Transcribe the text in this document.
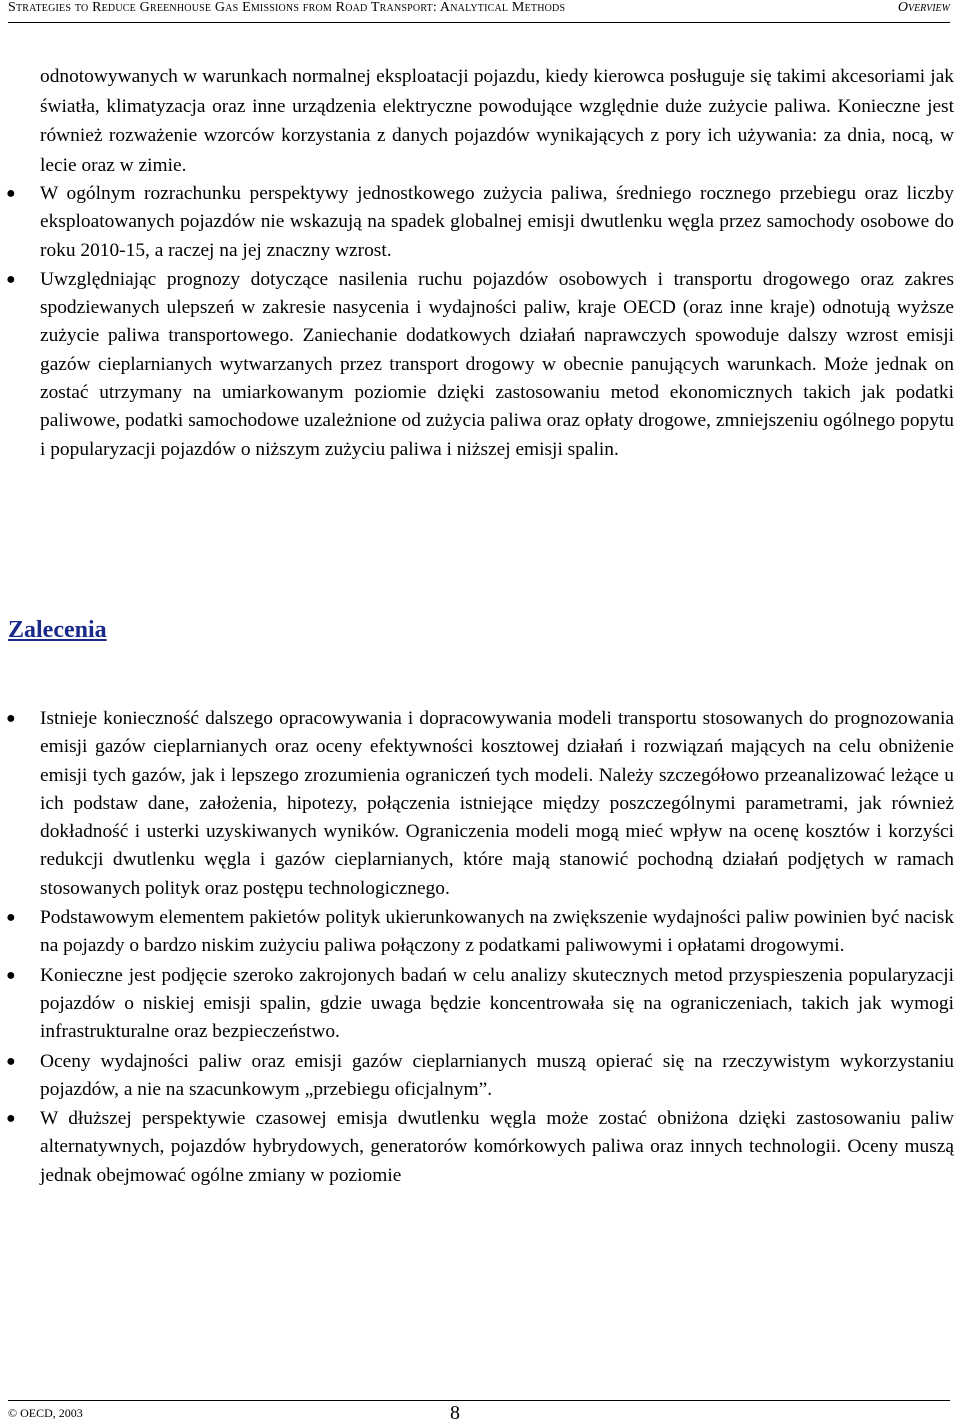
Strategies to Reduce Greenhouse Gas Emissions from Road Transport: Analytical Methods	Overview

odnotowywanych w warunkach normalnej eksploatacji pojazdu, kiedy kierowca posługuje się takimi akcesoriami jak światła, klimatyzacja oraz inne urządzenia elektryczne powodujące względnie duże zużycie paliwa. Konieczne jest również rozważenie wzorców korzystania z danych pojazdów wynikających z pory ich używania: za dnia, nocą, w lecie oraz w zimie.

● W ogólnym rozrachunku perspektywy jednostkowego zużycia paliwa, średniego rocznego przebiegu oraz liczby eksploatowanych pojazdów nie wskazują na spadek globalnej emisji dwutlenku węgla przez samochody osobowe do roku 2010-15, a raczej na jej znaczny wzrost.
● Uwzględniając prognozy dotyczące nasilenia ruchu pojazdów osobowych i transportu drogowego oraz zakres spodziewanych ulepszeń w zakresie nasycenia i wydajności paliw, kraje OECD (oraz inne kraje) odnotują wyższe zużycie paliwa transportowego. Zaniechanie dodatkowych działań naprawczych spowoduje dalszy wzrost emisji gazów cieplarnianych wytwarzanych przez transport drogowy w obecnie panujących warunkach. Może jednak on zostać utrzymany na umiarkowanym poziomie dzięki zastosowaniu metod ekonomicznych takich jak podatki paliwowe, podatki samochodowe uzależnione od zużycia paliwa oraz opłaty drogowe, zmniejszeniu ogólnego popytu i popularyzacji pojazdów o niższym zużyciu paliwa i niższej emisji spalin.
Zalecenia
● Istnieje konieczność dalszego opracowywania i dopracowywania modeli transportu stosowanych do prognozowania emisji gazów cieplarnianych oraz oceny efektywności kosztowej działań i rozwiązań mających na celu obniżenie emisji tych gazów, jak i lepszego zrozumienia ograniczeń tych modeli. Należy szczegółowo przeanalizować leżące u ich podstaw dane, założenia, hipotezy, połączenia istniejące między poszczególnymi parametrami, jak również dokładność i usterki uzyskiwanych wyników. Ograniczenia modeli mogą mieć wpływ na ocenę kosztów i korzyści redukcji dwutlenku węgla i gazów cieplarnianych, które mają stanowić pochodną działań podjętych w ramach stosowanych polityk oraz postępu technologicznego.
● Podstawowym elementem pakietów polityk ukierunkowanych na zwiększenie wydajności paliw powinien być nacisk na pojazdy o bardzo niskim zużyciu paliwa połączony z podatkami paliwowymi i opłatami drogowymi.
● Konieczne jest podjęcie szeroko zakrojonych badań w celu analizy skutecznych metod przyspieszenia popularyzacji pojazdów o niskiej emisji spalin, gdzie uwaga będzie koncentrowała się na ograniczeniach, takich jak wymogi infrastrukturalne oraz bezpieczeństwo.
● Oceny wydajności paliw oraz emisji gazów cieplarnianych muszą opierać się na rzeczywistym wykorzystaniu pojazdów, a nie na szacunkowym „przebiegu oficjalnym”.
● W dłuższej perspektywie czasowej emisja dwutlenku węgla może zostać obniżona dzięki zastosowaniu paliw alternatywnych, pojazdów hybrydowych, generatorów komórkowych paliwa oraz innych technologii. Oceny muszą jednak obejmować ogólne zmiany w poziomie
© OECD, 2003	8
